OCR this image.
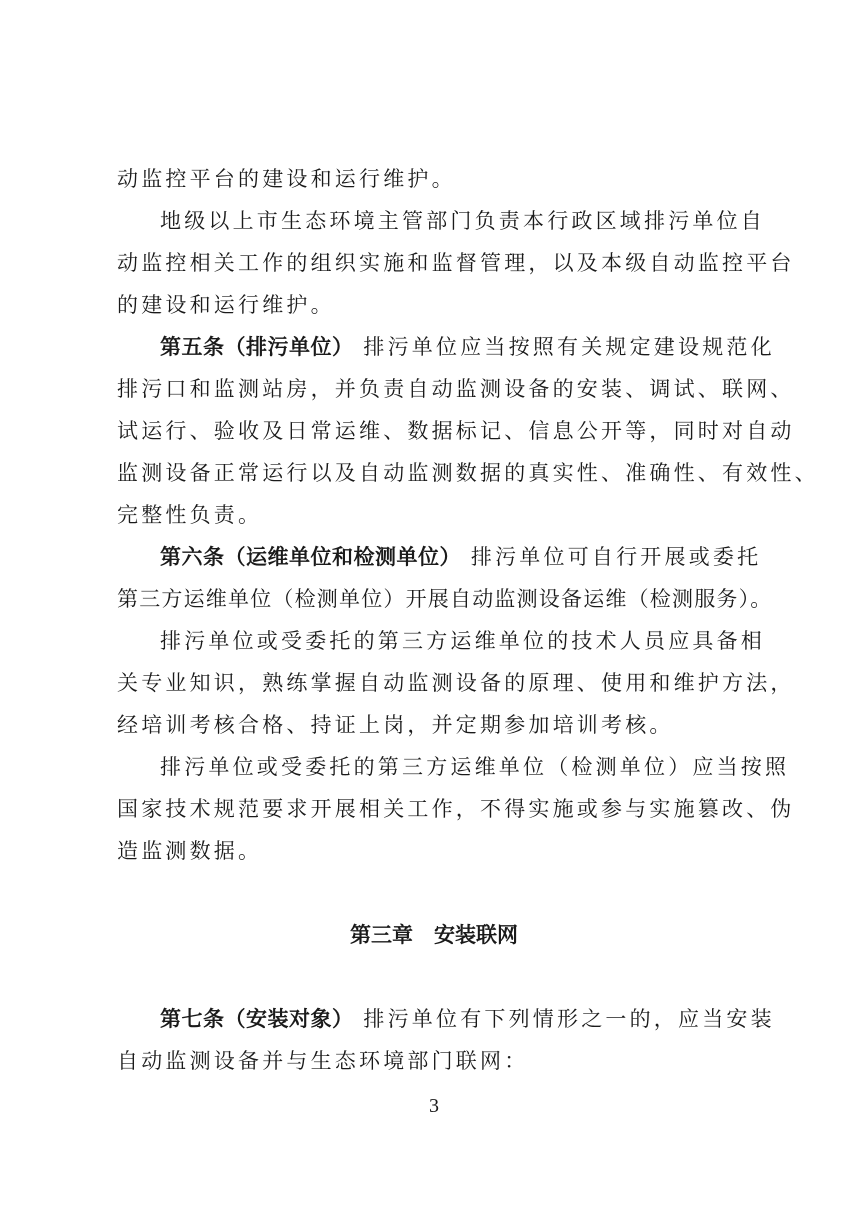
动监控平台的建设和运行维护。
地级以上市生态环境主管部门负责本行政区域排污单位自
动监控相关工作的组织实施和监督管理，以及本级自动监控平台
的建设和运行维护。
第五条（排污单位） 排污单位应当按照有关规定建设规范化
排污口和监测站房，并负责自动监测设备的安装、调试、联网、
试运行、验收及日常运维、数据标记、信息公开等，同时对自动
监测设备正常运行以及自动监测数据的真实性、准确性、有效性、
完整性负责。
第六条（运维单位和检测单位） 排污单位可自行开展或委托
第三方运维单位（检测单位）开展自动监测设备运维（检测服务）。
排污单位或受委托的第三方运维单位的技术人员应具备相
关专业知识，熟练掌握自动监测设备的原理、使用和维护方法，
经培训考核合格、持证上岗，并定期参加培训考核。
排污单位或受委托的第三方运维单位（检测单位）应当按照
国家技术规范要求开展相关工作，不得实施或参与实施篡改、伪
造监测数据。
第三章　安装联网
第七条（安装对象） 排污单位有下列情形之一的，应当安装
自动监测设备并与生态环境部门联网：
3
